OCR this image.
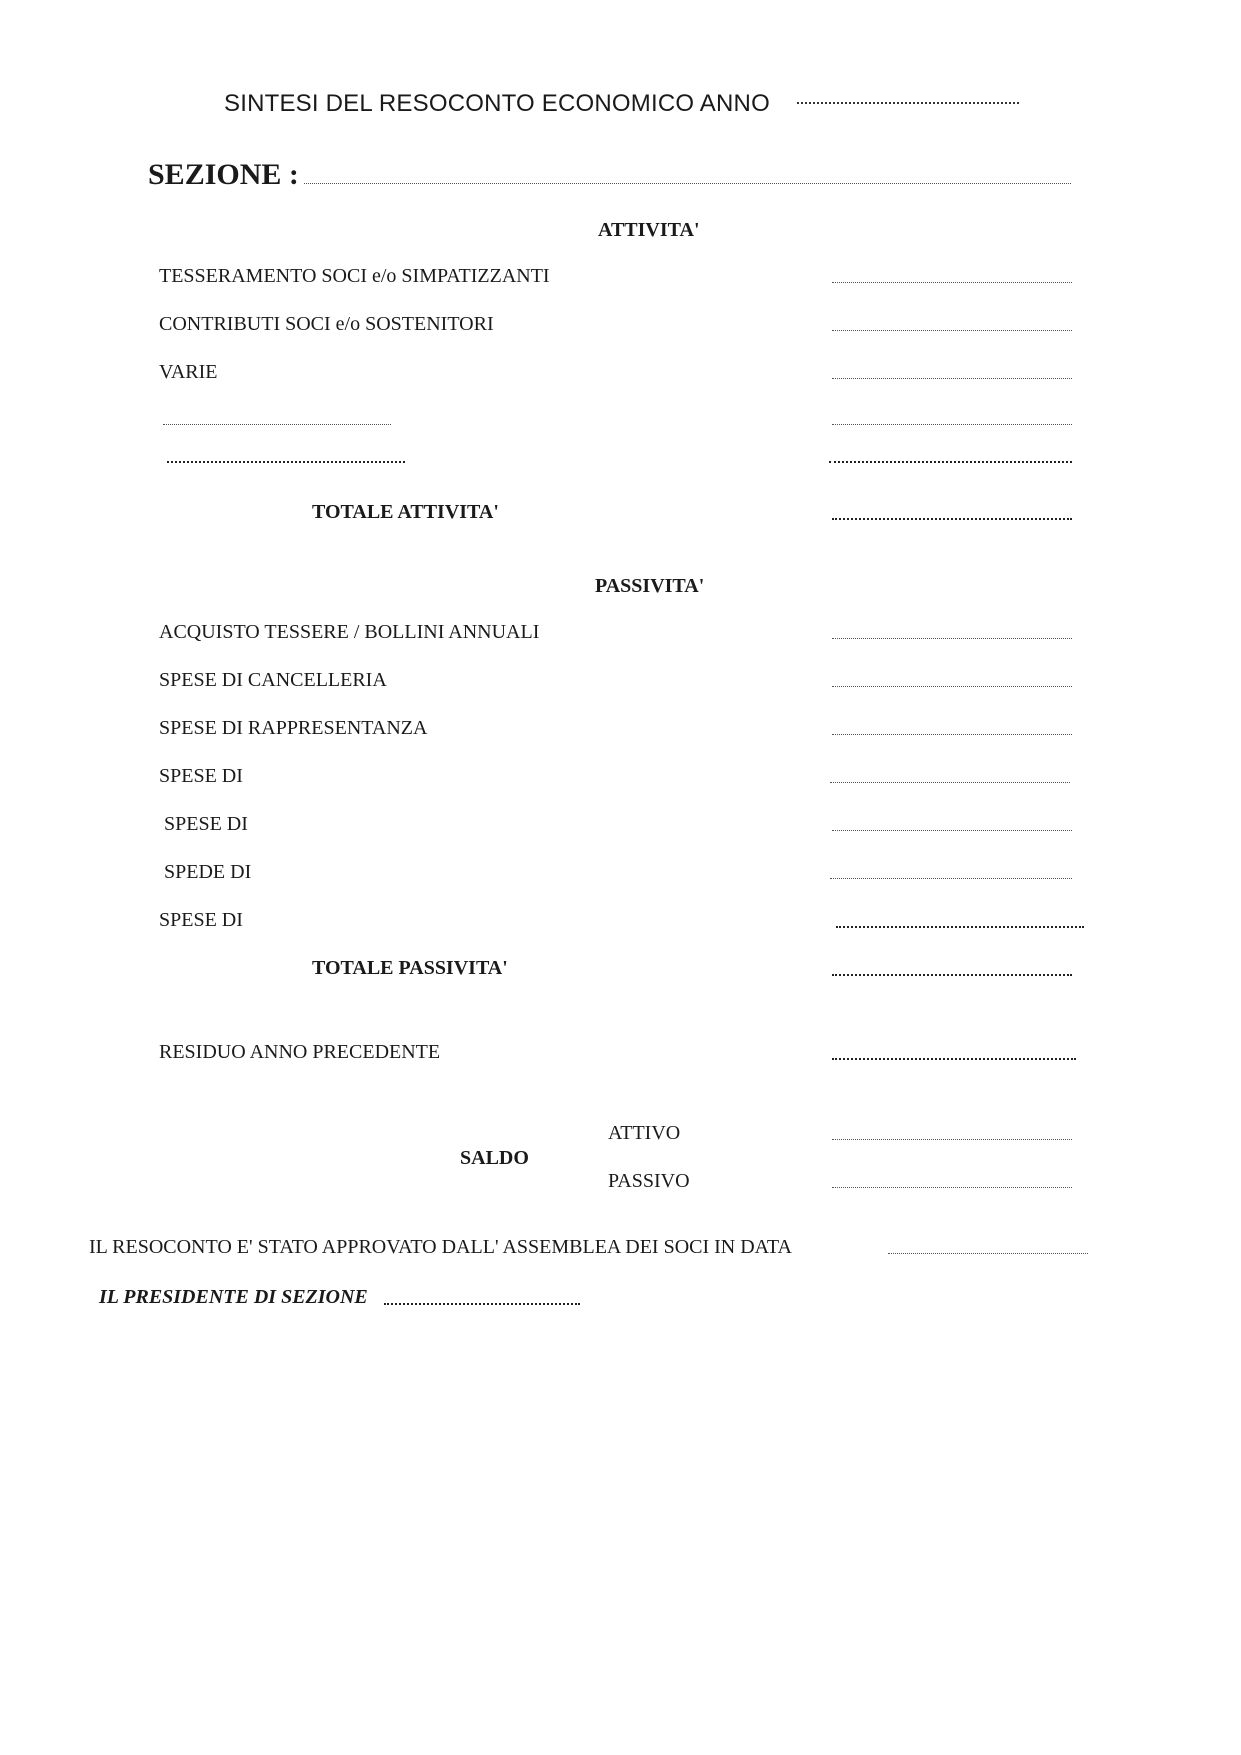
SINTESI DEL RESOCONTO ECONOMICO ANNO
SEZIONE :
ATTIVITA'
TESSERAMENTO SOCI e/o SIMPATIZZANTI
CONTRIBUTI SOCI e/o SOSTENITORI
VARIE
TOTALE ATTIVITA'
PASSIVITA'
ACQUISTO TESSERE / BOLLINI ANNUALI
SPESE DI CANCELLERIA
SPESE DI RAPPRESENTANZA
SPESE DI
SPESE DI
SPEDE DI
SPESE DI
TOTALE PASSIVITA'
RESIDUO ANNO PRECEDENTE
SALDO
ATTIVO
PASSIVO
IL RESOCONTO E' STATO APPROVATO DALL' ASSEMBLEA DEI SOCI IN DATA
IL PRESIDENTE DI SEZIONE
